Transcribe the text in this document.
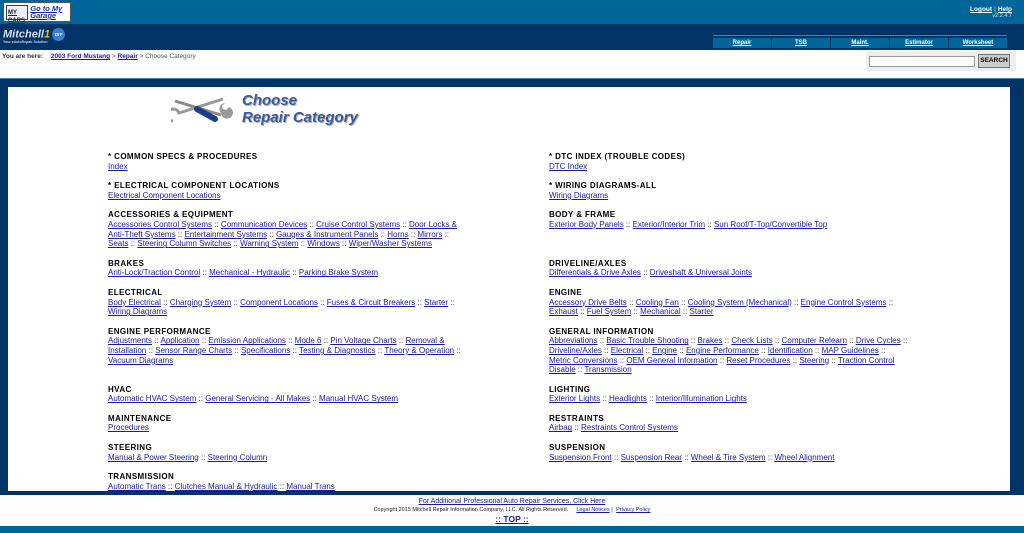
MY CARS
Go to My Garage
Logout | Help
v2.2.4.7
Mitchell1 DIY
Your eAutoRepair Solution	Repair	TSB	Maint.	Estimator	Worksheet
You are here: 2003 Ford Mustang > Repair > Choose Category
SEARCH
Choose
Repair Category
* COMMON SPECS & PROCEDURES
Index
* DTC INDEX (TROUBLE CODES)
DTC Index
* ELECTRICAL COMPONENT LOCATIONS
Electrical Component Locations
* WIRING DIAGRAMS-ALL
Wiring Diagrams
ACCESSORIES & EQUIPMENT
Accessories Control Systems :: Communication Devices :: Cruise Control Systems :: Door Locks & Anti-Theft Systems :: Entertainment Systems :: Gauges & Instrument Panels :: Horns :: Mirrors :: Seats :: Steering Column Switches :: Warning System :: Windows :: Wiper/Washer Systems
BODY & FRAME
Exterior Body Panels :: Exterior/Interior Trim :: Sun Roof/T-Top/Convertible Top
BRAKES
Anti-Lock/Traction Control :: Mechanical - Hydraulic :: Parking Brake System
DRIVELINE/AXLES
Differentials & Drive Axles :: Driveshaft & Universal Joints
ELECTRICAL
Body Electrical :: Charging System :: Component Locations :: Fuses & Circuit Breakers :: Starter :: Wiring Diagrams
ENGINE
Accessory Drive Belts :: Cooling Fan :: Cooling System (Mechanical) :: Engine Control Systems :: Exhaust :: Fuel System :: Mechanical :: Starter
ENGINE PERFORMANCE
Adjustments :: Application :: Emission Applications :: Mode 6 :: Pin Voltage Charts :: Removal & Installation :: Sensor Range Charts :: Specifications :: Testing & Diagnostics :: Theory & Operation :: Vacuum Diagrams
GENERAL INFORMATION
Abbreviations :: Basic Trouble Shooting :: Brakes :: Check Lists :: Computer Relearn :: Drive Cycles :: Driveline/Axles :: Electrical :: Engine :: Engine Performance :: Identification :: MAP Guidelines :: Metric Conversions :: OEM General Information :: Reset Procedures :: Steering :: Traction Control Disable :: Transmission
HVAC
Automatic HVAC System :: General Servicing - All Makes :: Manual HVAC System
LIGHTING
Exterior Lights :: Headlights :: Interior/Illumination Lights
MAINTENANCE
Procedures
RESTRAINTS
Airbag :: Restraints Control Systems
STEERING
Manual & Power Steering :: Steering Column
SUSPENSION
Suspension Front :: Suspension Rear :: Wheel & Tire System :: Wheel Alignment
TRANSMISSION
Automatic Trans :: Clutches Manual & Hydraulic :: Manual Trans
For Additional Professional Auto Repair Services, Click Here
Copyright 2015 Mitchell Repair Information Company, LLC. All Rights Reserved. Legal Notices | Privacy Policy
:: TOP ::
